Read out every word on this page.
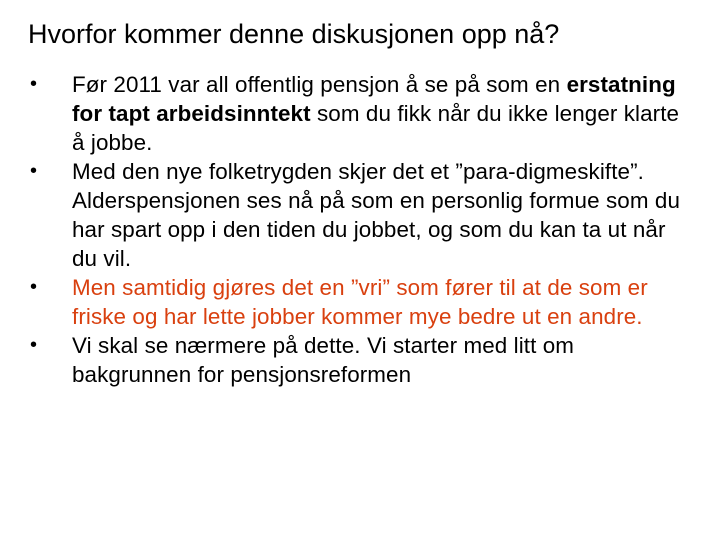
Hvorfor kommer denne diskusjonen opp nå?
•	Før 2011 var all offentlig pensjon å se på som en erstatning for tapt arbeidsinntekt som du fikk når du ikke lenger klarte å jobbe.
•	Med den nye folketrygden skjer det et ”para-digmeskifte”. Alderspensjonen ses nå på som en personlig formue som du har spart opp i den tiden du jobbet, og som du kan ta ut når du vil.
•	Men samtidig gjøres det en ”vri” som fører til at de som er friske og har lette jobber kommer mye bedre ut en andre.
•	Vi skal se nærmere på dette. Vi starter med litt om bakgrunnen for pensjonsreformen
